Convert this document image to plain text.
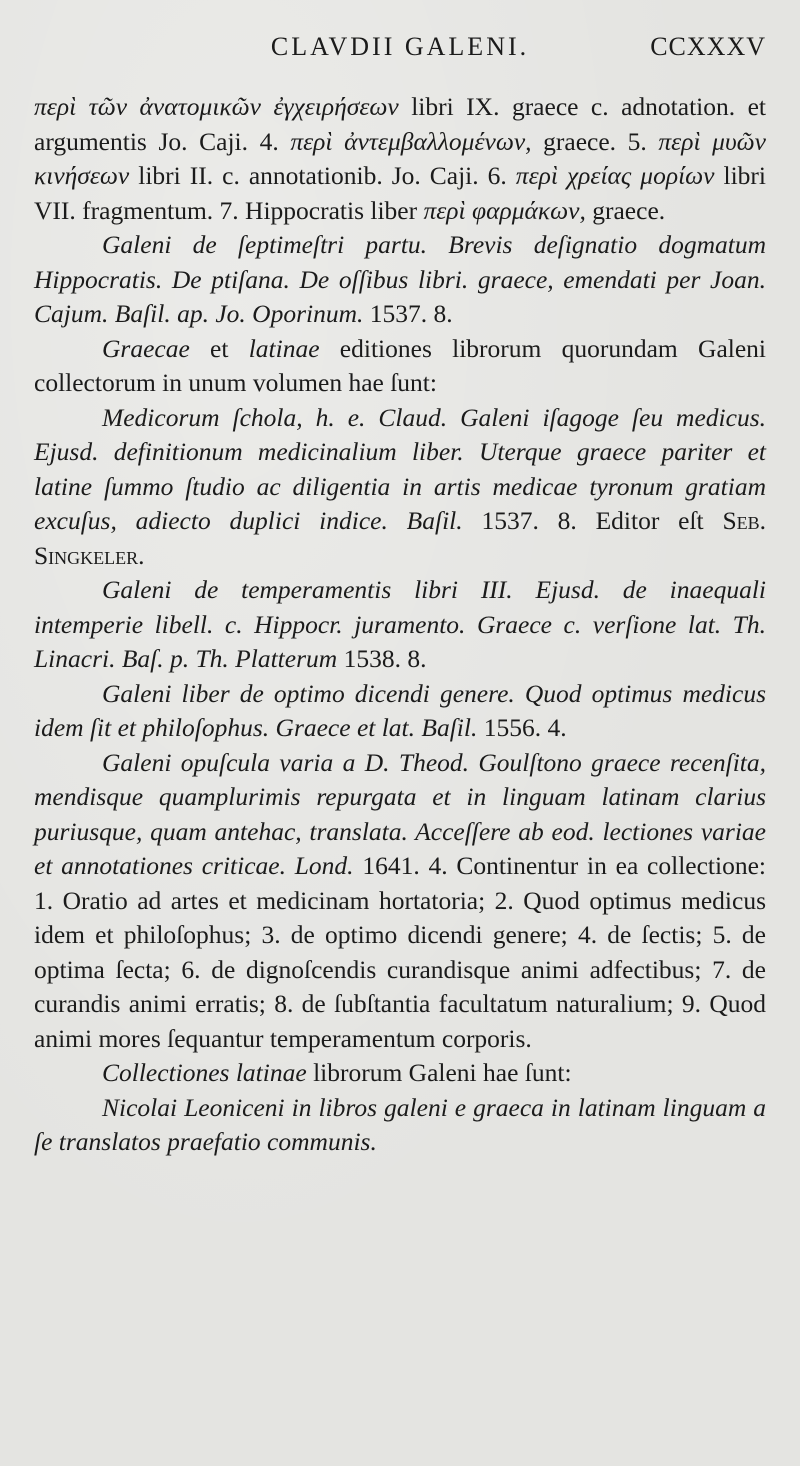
CLAVDII GALENI.	CCXXXV

περὶ τῶν ἀνατομικῶν ἐγχειρήσεων libri IX. graece c. adnotation. et argumentis Jo. Caji. 4. περὶ ἀντεμβαλλομένων, graece. 5. περὶ μυῶν κινήσεων libri II. c. annotationib. Jo. Caji. 6. περὶ χρείας μορίων libri VII. fragmentum. 7. Hippocratis liber περὶ φαρμάκων, graece.

Galeni de ſeptimeſtri partu. Brevis deſignatio dogmatum Hippocratis. De ptiſana. De oſſibus libri. graece, emendati per Joan. Cajum. Baſil. ap. Jo. Oporinum. 1537. 8.

Graecae et latinae editiones librorum quorundam Galeni collectorum in unum volumen hae ſunt:

Medicorum ſchola, h. e. Claud. Galeni iſagoge ſeu medicus. Ejusd. definitionum medicinalium liber. Uterque graece pariter et latine ſummo ſtudio ac diligentia in artis medicae tyronum gratiam excuſus, adiecto duplici indice. Baſil. 1537. 8. Editor eſt Seb. Singkeler.

Galeni de temperamentis libri III. Ejusd. de inaequali intemperie libell. c. Hippocr. juramento. Graece c. verſione lat. Th. Linacri. Baſ. p. Th. Platterum 1538. 8.

Galeni liber de optimo dicendi genere. Quod optimus medicus idem ſit et philoſophus. Graece et lat. Baſil. 1556. 4.

Galeni opuſcula varia a D. Theod. Goulſtono graece recenſita, mendisque quamplurimis repurgata et in linguam latinam clarius puriusque, quam antehac, translata. Acceſſere ab eod. lectiones variae et annotationes criticae. Lond. 1641. 4. Continentur in ea collectione: 1. Oratio ad artes et medicinam hortatoria; 2. Quod optimus medicus idem et philoſophus; 3. de optimo dicendi genere; 4. de ſectis; 5. de optima ſecta; 6. de dignoſcendis curandisque animi adfectibus; 7. de curandis animi erratis; 8. de ſubſtantia facultatum naturalium; 9. Quod animi mores ſequantur temperamentum corporis.

Collectiones latinae librorum Galeni hae ſunt:

Nicolai Leoniceni in libros galeni e graeca in latinam linguam a ſe translatos praefatio communis.
